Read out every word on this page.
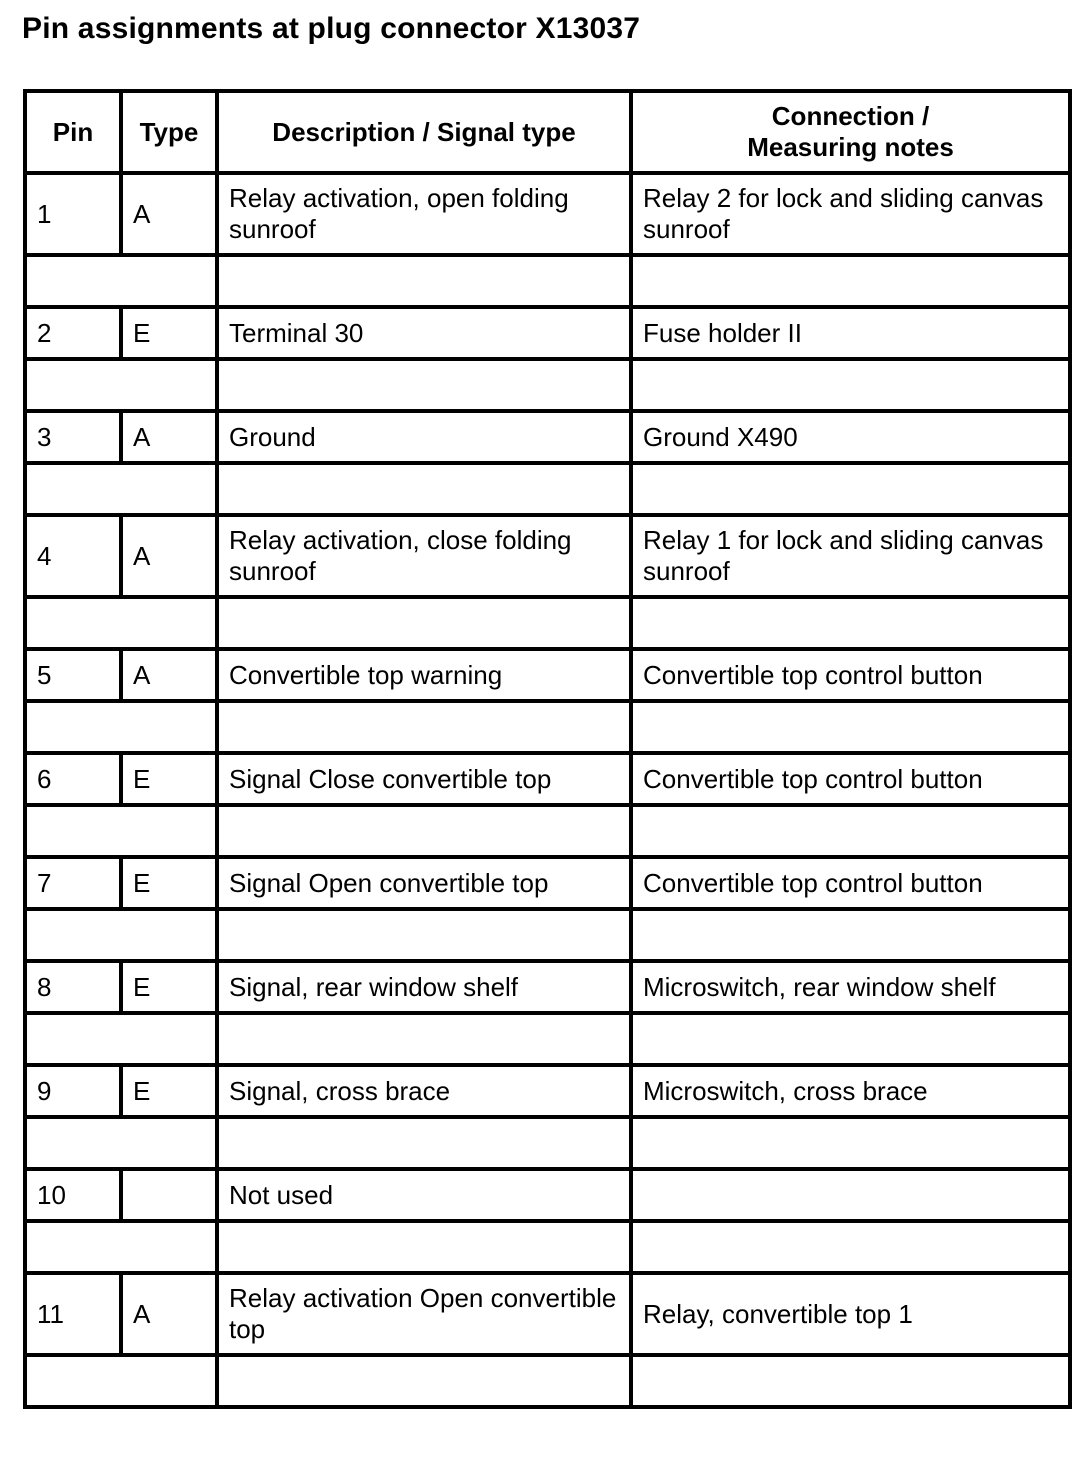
Pin assignments at plug connector X13037
Pin	Type	Description / Signal type	Connection /
Measuring notes
1	A	Relay activation, open folding sunroof	Relay 2 for lock and sliding canvas sunroof

2	E	Terminal 30	Fuse holder II

3	A	Ground	Ground X490

4	A	Relay activation, close folding sunroof	Relay 1 for lock and sliding canvas sunroof

5	A	Convertible top warning	Convertible top control button

6	E	Signal Close convertible top	Convertible top control button

7	E	Signal Open convertible top	Convertible top control button

8	E	Signal, rear window shelf	Microswitch, rear window shelf

9	E	Signal, cross brace	Microswitch, cross brace

10		Not used	

11	A	Relay activation Open convertible top	Relay, convertible top 1
